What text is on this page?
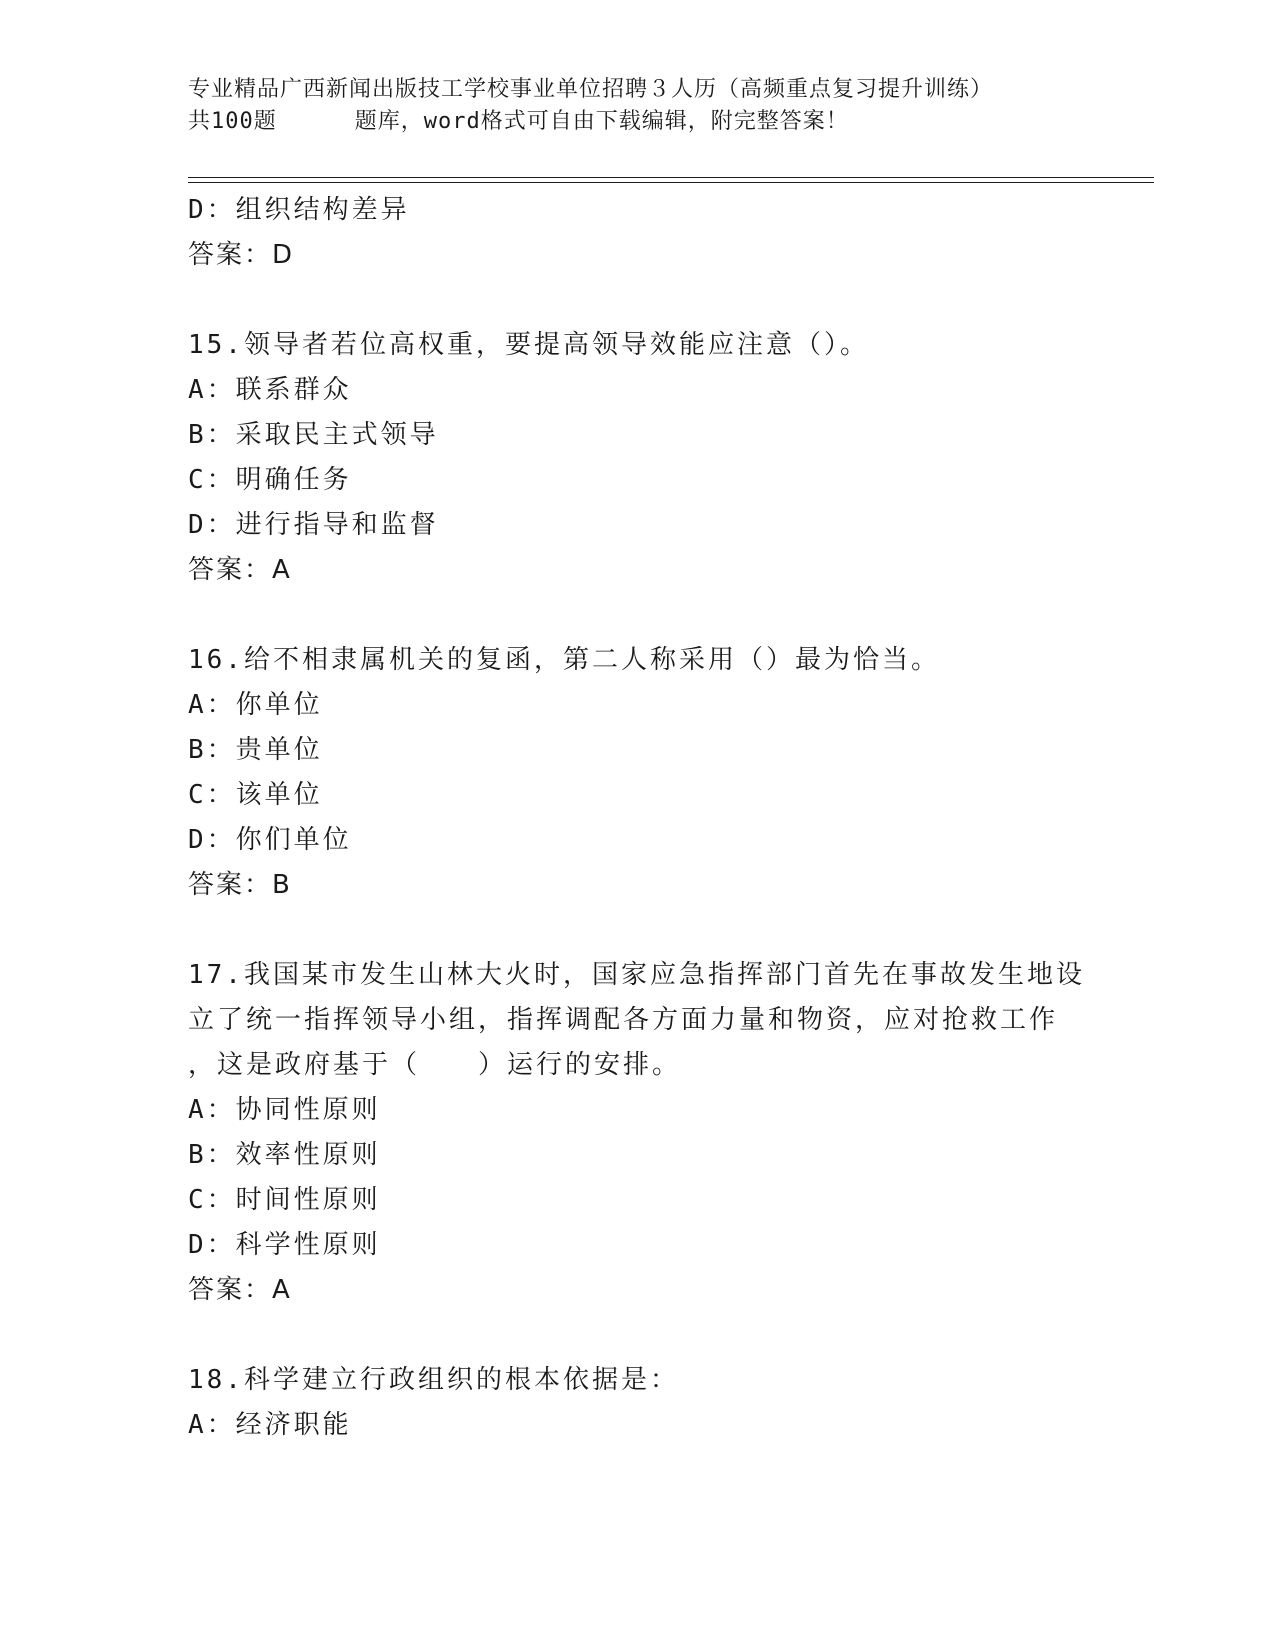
专业精品广西新闻出版技工学校事业单位招聘３人历（高频重点复习提升训练）
共100题	题库，word格式可自由下载编辑，附完整答案！
D：组织结构差异
答案：D
15.领导者若位高权重，要提高领导效能应注意（）。
A：联系群众
B：采取民主式领导
C：明确任务
D：进行指导和监督
答案：A
16.给不相隶属机关的复函，第二人称采用（）最为恰当。
A：你单位
B：贵单位
C：该单位
D：你们单位
答案：B
17.我国某市发生山林大火时，国家应急指挥部门首先在事故发生地设
立了统一指挥领导小组，指挥调配各方面力量和物资，应对抢救工作
，这是政府基于（　　）运行的安排。
A：协同性原则
B：效率性原则
C：时间性原则
D：科学性原则
答案：A
18.科学建立行政组织的根本依据是：
A：经济职能
